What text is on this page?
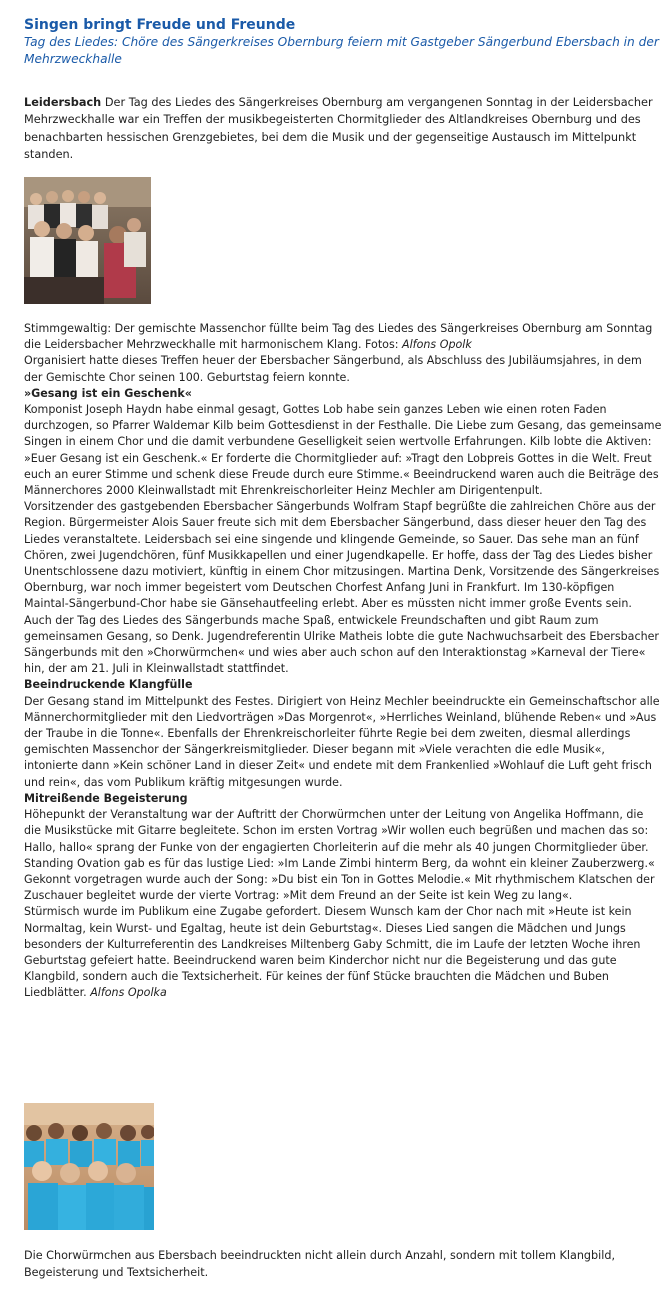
Singen bringt Freude und Freunde
Tag des Liedes: Chöre des Sängerkreises Obernburg feiern mit Gastgeber Sängerbund Ebersbach in der Mehrzweckhalle

Leidersbach Der Tag des Liedes des Sängerkreises Obernburg am vergangenen Sonntag in der Leidersbacher Mehrzweckhalle war ein Treffen der musikbegeisterten Chormitglieder des Altlandkreises Obernburg und des benachbarten hessischen Grenzgebietes, bei dem die Musik und der gegenseitige Austausch im Mittelpunkt standen.

Stimmgewaltig: Der gemischte Massenchor füllte beim Tag des Liedes des Sängerkreises Obernburg am Sonntag die Leidersbacher Mehrzweckhalle mit harmonischem Klang. Fotos: Alfons Opolk

Organisiert hatte dieses Treffen heuer der Ebersbacher Sängerbund, als Abschluss des Jubiläumsjahres, in dem der Gemischte Chor seinen 100. Geburtstag feiern konnte.

»Gesang ist ein Geschenk«

Komponist Joseph Haydn habe einmal gesagt, Gottes Lob habe sein ganzes Leben wie einen roten Faden durchzogen, so Pfarrer Waldemar Kilb beim Gottesdienst in der Festhalle. Die Liebe zum Gesang, das gemeinsame Singen in einem Chor und die damit verbundene Geselligkeit seien wertvolle Erfahrungen. Kilb lobte die Aktiven: »Euer Gesang ist ein Geschenk.« Er forderte die Chormitglieder auf: »Tragt den Lobpreis Gottes in die Welt. Freut euch an eurer Stimme und schenk diese Freude durch eure Stimme.« Beeindruckend waren auch die Beiträge des Männerchores 2000 Kleinwallstadt mit Ehrenkreischorleiter Heinz Mechler am Dirigentenpult.

Vorsitzender des gastgebenden Ebersbacher Sängerbunds Wolfram Stapf begrüßte die zahlreichen Chöre aus der Region. Bürgermeister Alois Sauer freute sich mit dem Ebersbacher Sängerbund, dass dieser heuer den Tag des Liedes veranstaltete. Leidersbach sei eine singende und klingende Gemeinde, so Sauer. Das sehe man an fünf Chören, zwei Jugendchören, fünf Musikkapellen und einer Jugendkapelle. Er hoffe, dass der Tag des Liedes bisher Unentschlossene dazu motiviert, künftig in einem Chor mitzusingen. Martina Denk, Vorsitzende des Sängerkreises Obernburg, war noch immer begeistert vom Deutschen Chorfest Anfang Juni in Frankfurt. Im 130-köpfigen Maintal-Sängerbund-Chor habe sie Gänsehautfeeling erlebt. Aber es müssten nicht immer große Events sein. Auch der Tag des Liedes des Sängerbunds mache Spaß, entwickele Freundschaften und gibt Raum zum gemeinsamen Gesang, so Denk. Jugendreferentin Ulrike Matheis lobte die gute Nachwuchsarbeit des Ebersbacher Sängerbunds mit den »Chorwürmchen« und wies aber auch schon auf den Interaktionstag »Karneval der Tiere« hin, der am 21. Juli in Kleinwallstadt stattfindet.

Beeindruckende Klangfülle

Der Gesang stand im Mittelpunkt des Festes. Dirigiert von Heinz Mechler beeindruckte ein Gemeinschaftschor alle Männerchormitglieder mit den Liedvorträgen »Das Morgenrot«, »Herrliches Weinland, blühende Reben« und »Aus der Traube in die Tonne«. Ebenfalls der Ehrenkreischorleiter führte Regie bei dem zweiten, diesmal allerdings gemischten Massenchor der Sängerkreismitglieder. Dieser begann mit »Viele verachten die edle Musik«, intonierte dann »Kein schöner Land in dieser Zeit« und endete mit dem Frankenlied »Wohlauf die Luft geht frisch und rein«, das vom Publikum kräftig mitgesungen wurde.

Mitreißende Begeisterung

Höhepunkt der Veranstaltung war der Auftritt der Chorwürmchen unter der Leitung von Angelika Hoffmann, die die Musikstücke mit Gitarre begleitete. Schon im ersten Vortrag »Wir wollen euch begrüßen und machen das so: Hallo, hallo« sprang der Funke von der engagierten Chorleiterin auf die mehr als 40 jungen Chormitglieder über. Standing Ovation gab es für das lustige Lied: »Im Lande Zimbi hinterm Berg, da wohnt ein kleiner Zauberzwerg.« Gekonnt vorgetragen wurde auch der Song: »Du bist ein Ton in Gottes Melodie.« Mit rhythmischem Klatschen der Zuschauer begleitet wurde der vierte Vortrag: »Mit dem Freund an der Seite ist kein Weg zu lang«.

Stürmisch wurde im Publikum eine Zugabe gefordert. Diesem Wunsch kam der Chor nach mit »Heute ist kein Normaltag, kein Wurst- und Egaltag, heute ist dein Geburtstag«. Dieses Lied sangen die Mädchen und Jungs besonders der Kulturreferentin des Landkreises Miltenberg Gaby Schmitt, die im Laufe der letzten Woche ihren Geburtstag gefeiert hatte. Beeindruckend waren beim Kinderchor nicht nur die Begeisterung und das gute Klangbild, sondern auch die Textsicherheit. Für keines der fünf Stücke brauchten die Mädchen und Buben Liedblätter. Alfons Opolka

Die Chorwürmchen aus Ebersbach beeindruckten nicht allein durch Anzahl, sondern mit tollem Klangbild, Begeisterung und Textsicherheit.
